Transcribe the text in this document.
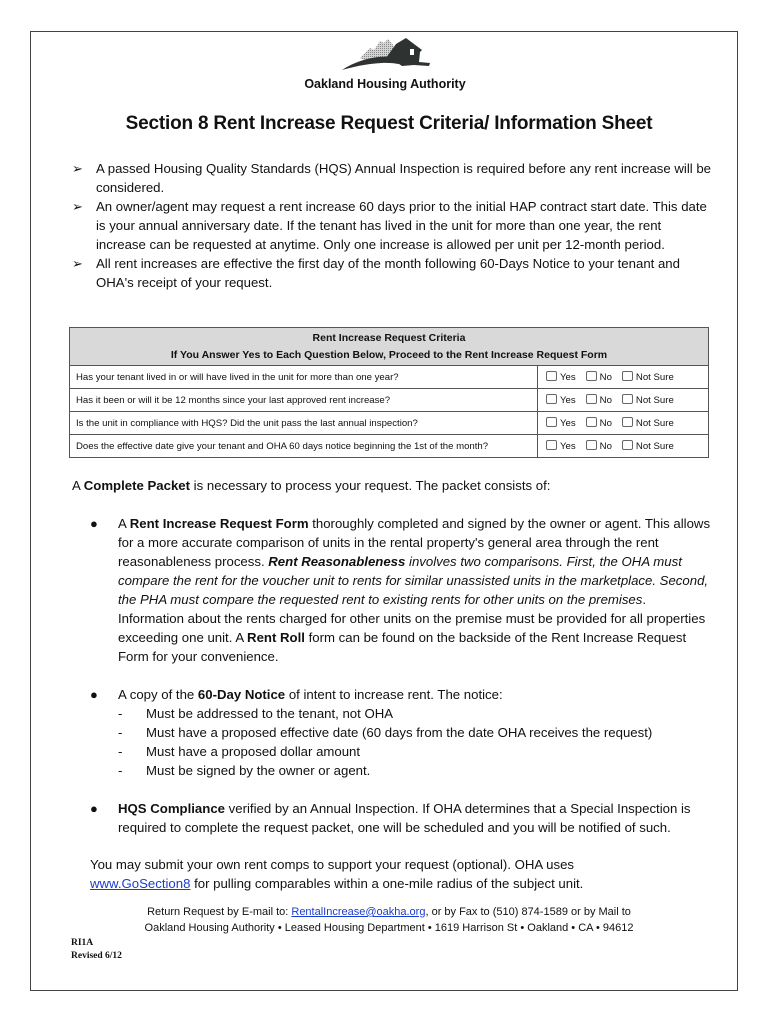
Oakland Housing Authority
Section 8 Rent Increase Request Criteria/ Information Sheet
➢ A passed Housing Quality Standards (HQS) Annual Inspection is required before any rent increase will be considered.
➢ An owner/agent may request a rent increase 60 days prior to the initial HAP contract start date. This date is your annual anniversary date. If the tenant has lived in the unit for more than one year, the rent increase can be requested at anytime. Only one increase is allowed per unit per 12-month period.
➢ All rent increases are effective the first day of the month following 60-Days Notice to your tenant and OHA's receipt of your request.
Rent Increase Request Criteria
If You Answer Yes to Each Question Below, Proceed to the Rent Increase Request Form	

Has your tenant lived in or will have lived in the unit for more than one year?	Yes No Not Sure
Has it been or will it be 12 months since your last approved rent increase?	Yes No Not Sure
Is the unit in compliance with HQS? Did the unit pass the last annual inspection?	Yes No Not Sure
Does the effective date give your tenant and OHA 60 days notice beginning the 1st of the month?	Yes No Not Sure
A Complete Packet is necessary to process your request. The packet consists of:
● A Rent Increase Request Form thoroughly completed and signed by the owner or agent. This allows for a more accurate comparison of units in the rental property's general area through the rent reasonableness process. Rent Reasonableness involves two comparisons. First, the OHA must compare the rent for the voucher unit to rents for similar unassisted units in the marketplace. Second, the PHA must compare the requested rent to existing rents for other units on the premises. Information about the rents charged for other units on the premise must be provided for all properties exceeding one unit. A Rent Roll form can be found on the backside of the Rent Increase Request Form for your convenience.
● A copy of the 60-Day Notice of intent to increase rent. The notice:
- Must be addressed to the tenant, not OHA
- Must have a proposed effective date (60 days from the date OHA receives the request)
- Must have a proposed dollar amount
- Must be signed by the owner or agent.
● HQS Compliance verified by an Annual Inspection. If OHA determines that a Special Inspection is required to complete the request packet, one will be scheduled and you will be notified of such.
You may submit your own rent comps to support your request (optional). OHA uses
www.GoSection8 for pulling comparables within a one-mile radius of the subject unit.
Return Request by E-mail to: RentalIncrease@oakha.org, or by Fax to (510) 874-1589 or by Mail to
Oakland Housing Authority • Leased Housing Department • 1619 Harrison St • Oakland • CA • 94612
RI1A
Revised 6/12
